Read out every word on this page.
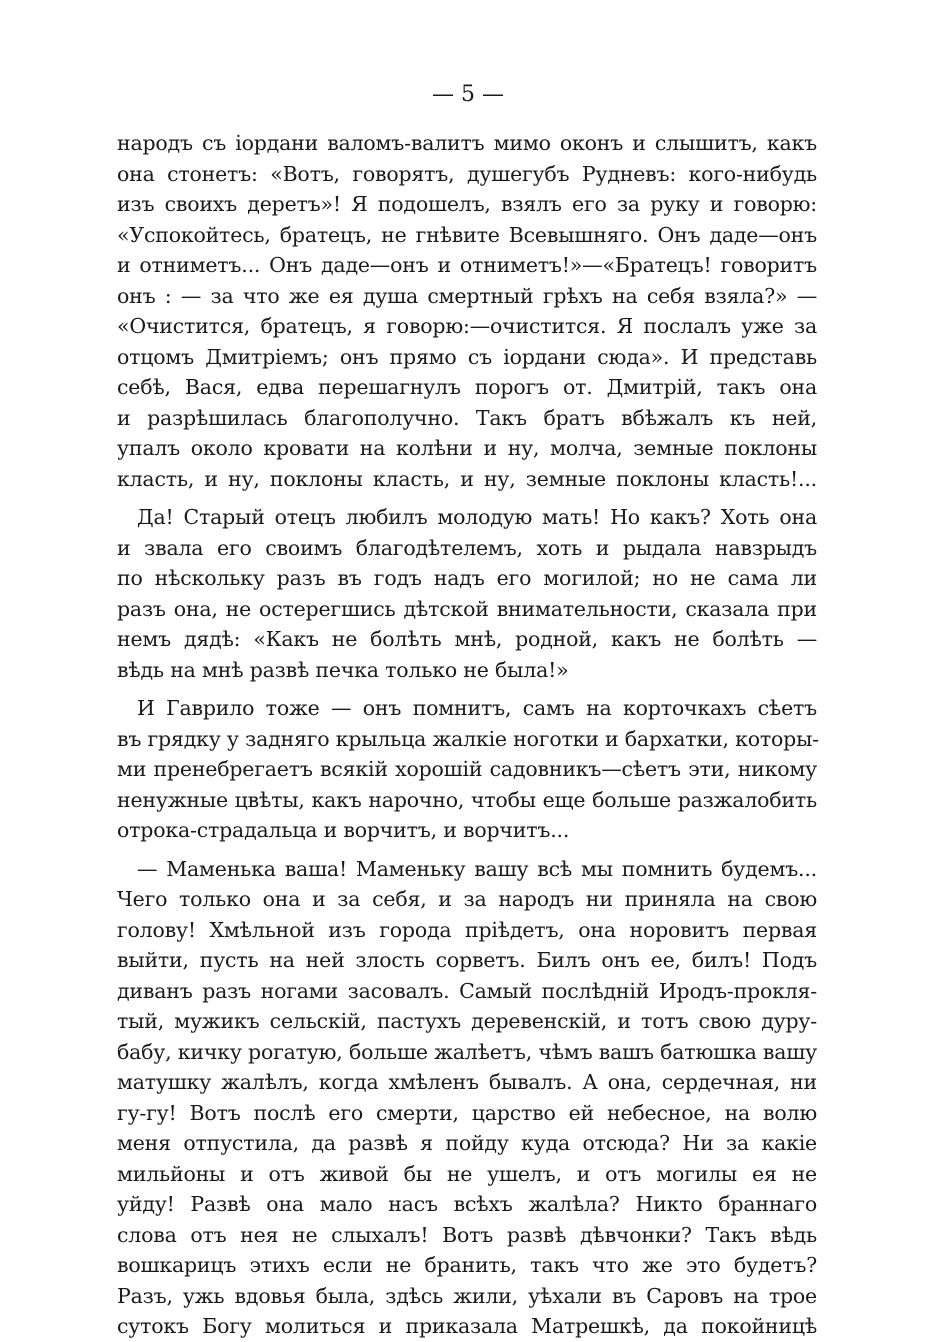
— 5 —
народъ съ іордани валомъ-валитъ мимо оконъ и слышитъ, какъ
она стонетъ: «Вотъ, говорятъ, душегубъ Рудневъ: кого-нибудь
изъ своихъ деретъ»! Я подошелъ, взялъ его за руку и говорю:
«Успокойтесь, братецъ, не гнѣвите Всевышняго. Онъ даде—онъ
и отниметъ... Онъ даде—онъ и отниметъ!»—«Братецъ! говоритъ
онъ : — за что же ея душа смертный грѣхъ на себя взяла?» —
«Очистится, братецъ, я говорю:—очистится. Я послалъ уже за
отцомъ Дмитріемъ; онъ прямо съ іордани сюда». И представь
себѣ, Вася, едва перешагнулъ порогъ от. Дмитрій, такъ она
и разрѣшилась благополучно. Такъ братъ вбѣжалъ къ ней,
упалъ около кровати на колѣни и ну, молча, земные поклоны
класть, и ну, поклоны класть, и ну, земные поклоны класть!...
Да! Старый отецъ любилъ молодую мать! Но какъ? Хоть она
и звала его своимъ благодѣтелемъ, хоть и рыдала навзрыдъ
по нѣскольку разъ въ годъ надъ его могилой; но не сама ли
разъ она, не остерегшись дѣтской внимательности, сказала при
немъ дядѣ: «Какъ не болѣть мнѣ, родной, какъ не болѣть —
вѣдь на мнѣ развѣ печка только не была!»
И Гаврило тоже — онъ помнитъ, самъ на корточкахъ сѣетъ
въ грядку у задняго крыльца жалкіе ноготки и бархатки, которы-
ми пренебрегаетъ всякій хорошій садовникъ—сѣетъ эти, никому
ненужные цвѣты, какъ нарочно, чтобы еще больше разжалобить
отрока-страдальца и ворчитъ, и ворчитъ...
— Маменька ваша! Маменьку вашу всѣ мы помнить будемъ...
Чего только она и за себя, и за народъ ни приняла на свою
голову! Хмѣльной изъ города пріѣдетъ, она норовитъ первая
выйти, пусть на ней злость сорветъ. Билъ онъ ее, билъ! Подъ
диванъ разъ ногами засовалъ. Самый послѣдній Иродъ-прокля-
тый, мужикъ сельскій, пастухъ деревенскій, и тотъ свою дуру-
бабу, кичку рогатую, больше жалѣетъ, чѣмъ вашъ батюшка вашу
матушку жалѣлъ, когда хмѣленъ бывалъ. А она, сердечная, ни
гу-гу! Вотъ послѣ его смерти, царство ей небесное, на волю
меня отпустила, да развѣ я пойду куда отсюда? Ни за какіе
мильйоны и отъ живой бы не ушелъ, и отъ могилы ея не
уйду! Развѣ она мало насъ всѣхъ жалѣла? Никто браннаго
слова отъ нея не слыхалъ! Вотъ развѣ дѣвчонки? Такъ вѣдь
вошкарицъ этихъ если не бранить, такъ что же это будетъ?
Разъ, ужь вдовья была, здѣсь жили, уѣхали въ Саровъ на трое
сутокъ Богу молиться и приказала Матрешкѣ, да покойницѣ
